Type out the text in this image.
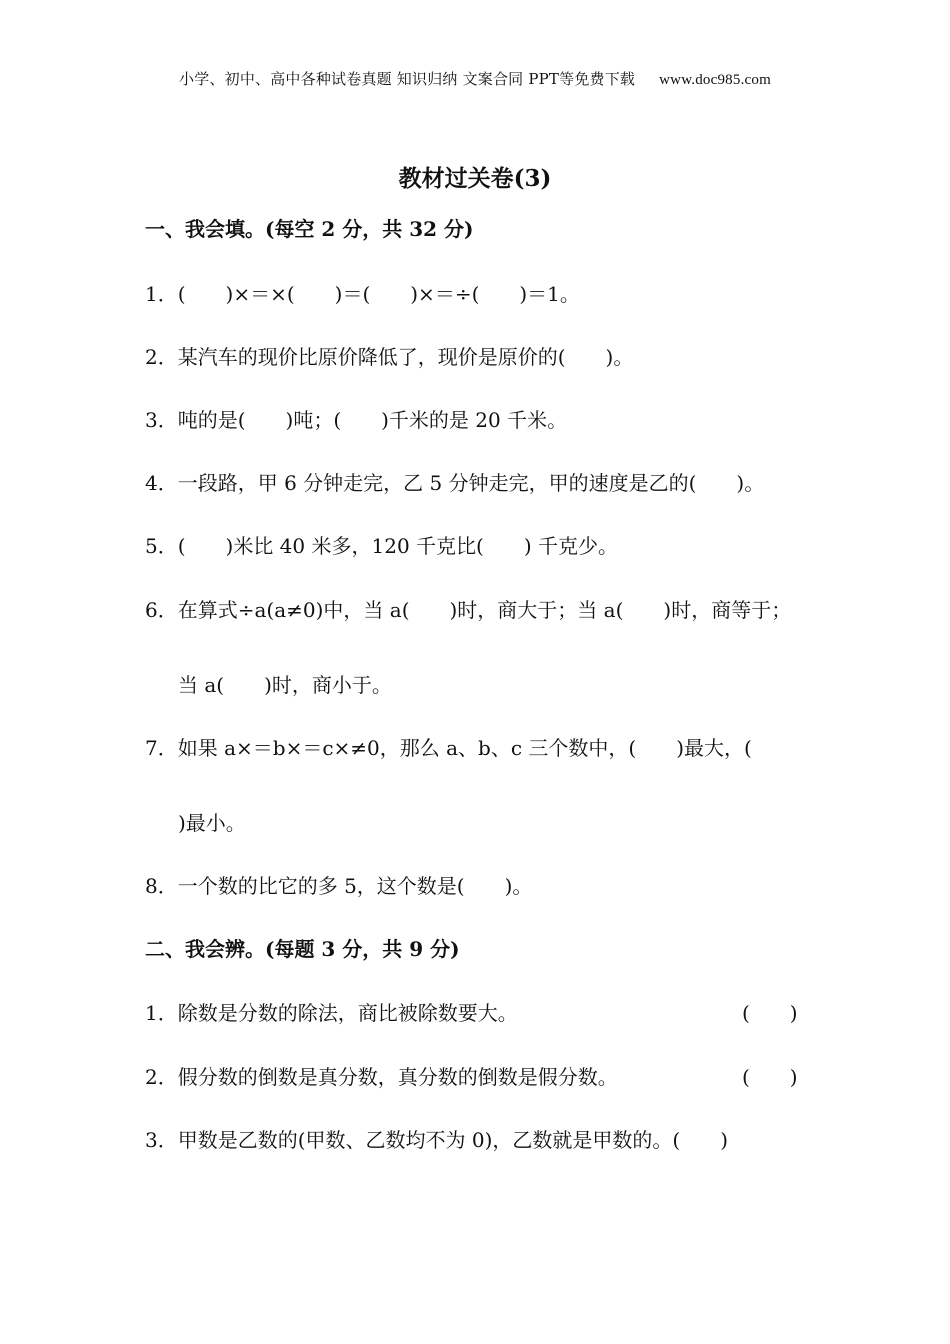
小学、初中、高中各种试卷真题 知识归纳 文案合同 PPT等免费下载 www.doc985.com
教材过关卷(3)
一、我会填。(每空 2 分，共 32 分)
1．(　　)×＝×(　　)＝(　　)×＝÷(　　)＝1。
2．某汽车的现价比原价降低了，现价是原价的(　　)。
3．吨的是(　　)吨；(　　)千米的是 20 千米。
4．一段路，甲 6 分钟走完，乙 5 分钟走完，甲的速度是乙的(　　)。
5．(　　)米比 40 米多，120 千克比(　　) 千克少。
6．在算式÷a(a≠0)中，当 a(　　)时，商大于；当 a(　　)时，商等于；
当 a(　　)时，商小于。
7．如果 a×＝b×＝c×≠0，那么 a、b、c 三个数中，(　　)最大，(
)最小。
8．一个数的比它的多 5，这个数是(　　)。
二、我会辨。(每题 3 分，共 9 分)
1．除数是分数的除法，商比被除数要大。	(　　)
2．假分数的倒数是真分数，真分数的倒数是假分数。	(　　)
3．甲数是乙数的(甲数、乙数均不为 0)，乙数就是甲数的。(　　)
